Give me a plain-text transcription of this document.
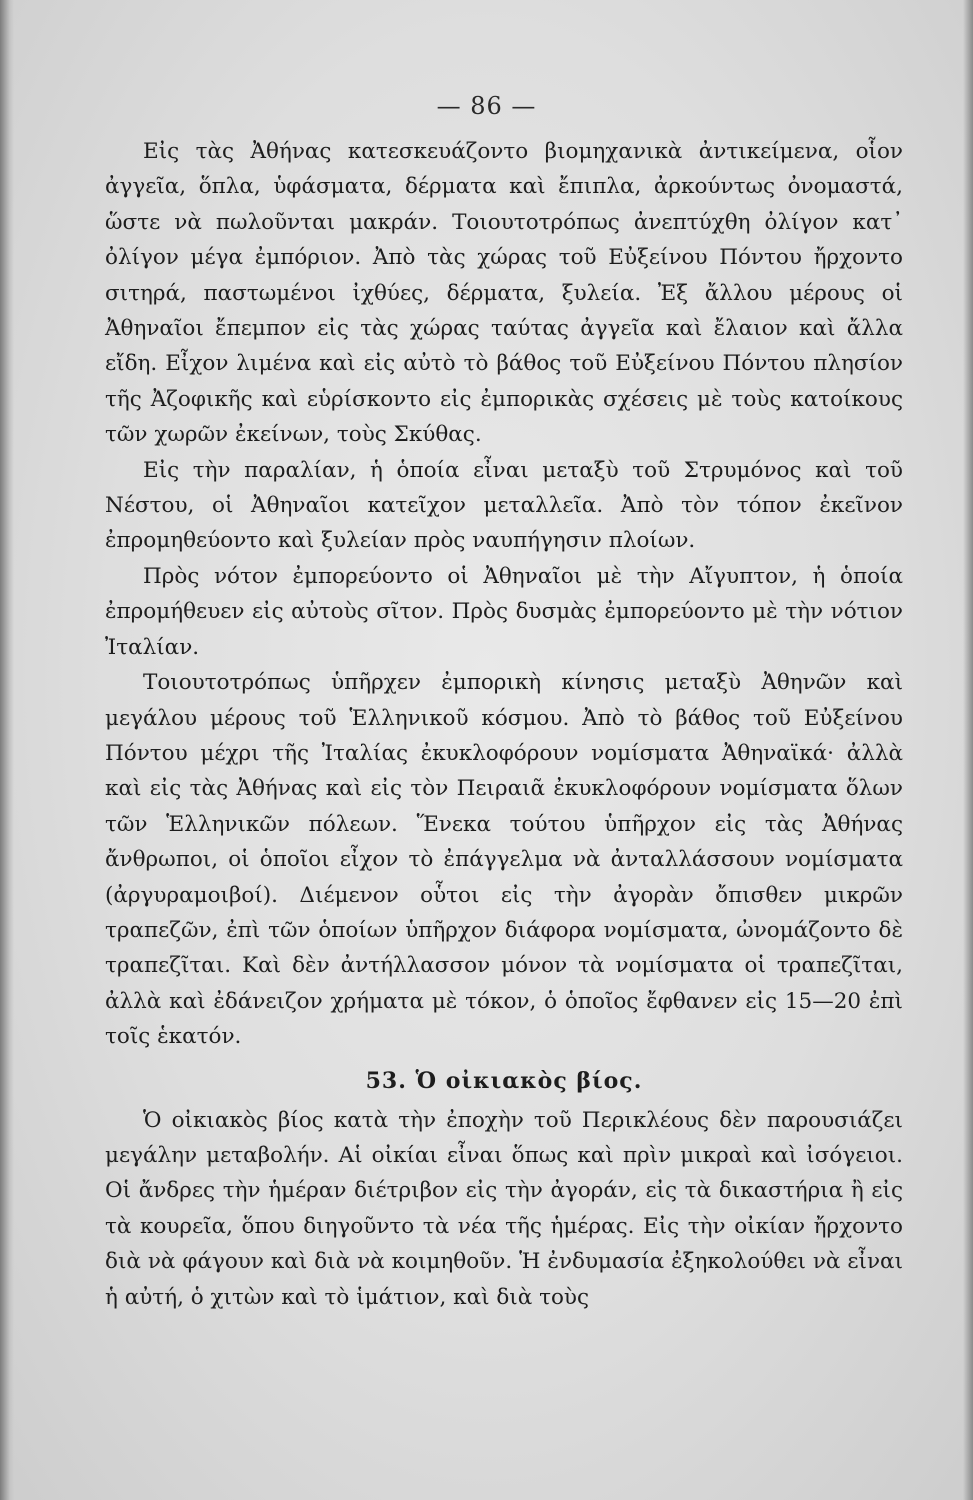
— 86 —

Εἰς τὰς Ἀθήνας κατεσκευάζοντο βιομηχανικὰ ἀντικείμενα, οἷον ἀγγεῖα, ὅπλα, ὑφάσματα, δέρματα καὶ ἔπιπλα, ἀρκούντως ὀνομαστά, ὥστε νὰ πωλοῦνται μακράν. Τοιουτοτρόπως ἀνεπτύχθη ὀλίγον κατ᾽ ὀλίγον μέγα ἐμπόριον. Ἀπὸ τὰς χώρας τοῦ Εὐξείνου Πόντου ἤρχοντο σιτηρά, παστωμένοι ἰχθύες, δέρματα, ξυλεία. Ἐξ ἄλλου μέρους οἱ Ἀθηναῖοι ἔπεμπον εἰς τὰς χώρας ταύτας ἀγγεῖα καὶ ἔλαιον καὶ ἄλλα εἴδη. Εἶχον λιμένα καὶ εἰς αὐτὸ τὸ βάθος τοῦ Εὐξείνου Πόντου πλησίον τῆς Ἀζοφικῆς καὶ εὑρίσκοντο εἰς ἐμπορικὰς σχέσεις μὲ τοὺς κατοίκους τῶν χωρῶν ἐκείνων, τοὺς Σκύθας.

Εἰς τὴν παραλίαν, ἡ ὁποία εἶναι μεταξὺ τοῦ Στρυμόνος καὶ τοῦ Νέστου, οἱ Ἀθηναῖοι κατεῖχον μεταλλεῖα. Ἀπὸ τὸν τόπον ἐκεῖνον ἐπρομηθεύοντο καὶ ξυλείαν πρὸς ναυπήγησιν πλοίων.

Πρὸς νότον ἐμπορεύοντο οἱ Ἀθηναῖοι μὲ τὴν Αἴγυπτον, ἡ ὁποία ἐπρομήθευεν εἰς αὐτοὺς σῖτον. Πρὸς δυσμὰς ἐμπορεύοντο μὲ τὴν νότιον Ἰταλίαν.

Τοιουτοτρόπως ὑπῆρχεν ἐμπορικὴ κίνησις μεταξὺ Ἀθηνῶν καὶ μεγάλου μέρους τοῦ Ἑλληνικοῦ κόσμου. Ἀπὸ τὸ βάθος τοῦ Εὐξείνου Πόντου μέχρι τῆς Ἰταλίας ἐκυκλοφόρουν νομίσματα Ἀθηναϊκά· ἀλλὰ καὶ εἰς τὰς Ἀθήνας καὶ εἰς τὸν Πειραιᾶ ἐκυκλοφόρουν νομίσματα ὅλων τῶν Ἑλληνικῶν πόλεων. Ἕνεκα τούτου ὑπῆρχον εἰς τὰς Ἀθήνας ἄνθρωποι, οἱ ὁποῖοι εἶχον τὸ ἐπάγγελμα νὰ ἀνταλλάσσουν νομίσματα (ἀργυραμοιβοί). Διέμενον οὗτοι εἰς τὴν ἀγορὰν ὄπισθεν μικρῶν τραπεζῶν, ἐπὶ τῶν ὁποίων ὑπῆρχον διάφορα νομίσματα, ὠνομάζοντο δὲ τραπεζῖται. Καὶ δὲν ἀντήλλασσον μόνον τὰ νομίσματα οἱ τραπεζῖται, ἀλλὰ καὶ ἐδάνειζον χρήματα μὲ τόκον, ὁ ὁποῖος ἔφθανεν εἰς 15—20 ἐπὶ τοῖς ἑκατόν.

53. Ὁ οἰκιακὸς βίος.

Ὁ οἰκιακὸς βίος κατὰ τὴν ἐποχὴν τοῦ Περικλέους δὲν παρουσιάζει μεγάλην μεταβολήν. Αἱ οἰκίαι εἶναι ὅπως καὶ πρὶν μικραὶ καὶ ἰσόγειοι. Οἱ ἄνδρες τὴν ἡμέραν διέτριβον εἰς τὴν ἀγοράν, εἰς τὰ δικαστήρια ἢ εἰς τὰ κουρεῖα, ὅπου διηγοῦντο τὰ νέα τῆς ἡμέρας. Εἰς τὴν οἰκίαν ἤρχοντο διὰ νὰ φάγουν καὶ διὰ νὰ κοιμηθοῦν. Ἡ ἐνδυμασία ἐξηκολούθει νὰ εἶναι ἡ αὐτή, ὁ χιτὼν καὶ τὸ ἱμάτιον, καὶ διὰ τοὺς
